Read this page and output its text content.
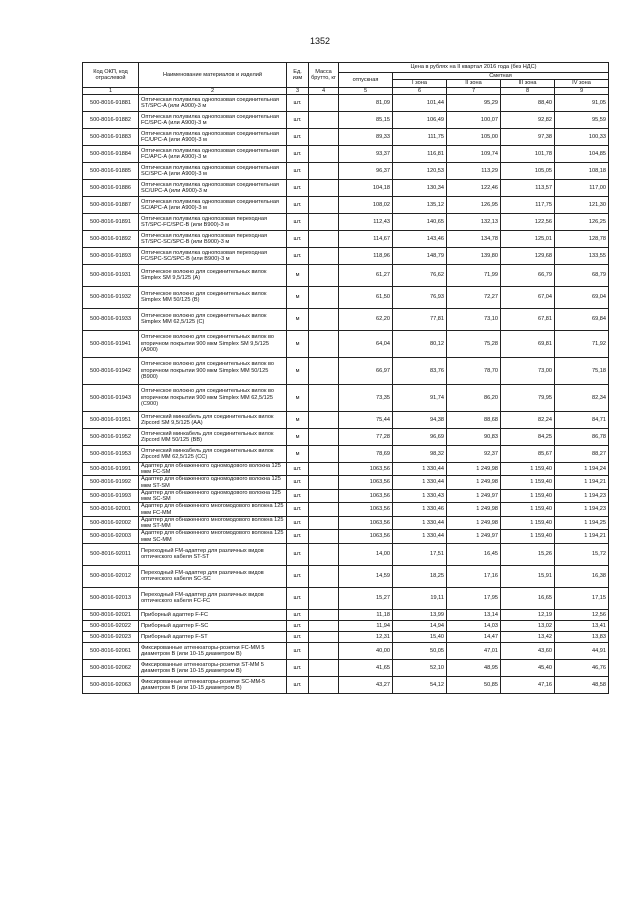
1352
Код ОКП, код отраслевой	Наименование материалов и изделий	Ед. изм	Масса брутто, кг	Цена в рублях на II квартал 2016 года (без НДС)				
				отпускная	Сметная			
					I зона	II зона	III зона	IV зона
1	2	3	4	5	6	7	8	9
500-8016-91881	Оптическая полувилка однопозовая соединительная ST/SPC-A (или A900)-3 м	шт.		81,09	101,44	95,29	88,40	91,05
500-8016-91882	Оптическая полувилка однопозовая соединительная FC/SPC-A (или A900)-3 м	шт.		85,15	106,49	100,07	92,82	95,59
500-8016-91883	Оптическая полувилка однопозовая соединительная FC/UPC-A (или A900)-3 м	шт.		89,33	111,75	105,00	97,38	100,33
500-8016-91884	Оптическая полувилка однопозовая соединительная FC/APC-A (или A900)-3 м	шт.		93,37	116,81	109,74	101,78	104,85
500-8016-91885	Оптическая полувилка однопозовая соединительная SC/SPC-A (или A900)-3 м	шт.		96,37	120,53	113,29	105,05	108,18
500-8016-91886	Оптическая полувилка однопозовая соединительная SC/UPC-A (или A900)-3 м	шт.		104,18	130,34	122,46	113,57	117,00
500-8016-91887	Оптическая полувилка однопозовая соединительная SC/APC-A (или A900)-3 м	шт.		108,02	135,12	126,95	117,75	121,30
500-8016-91891	Оптическая полувилка однопозовая переходная ST/SPC-FC/SPC-B (или B900)-3 м	шт.		112,43	140,65	132,13	122,56	126,25
500-8016-91892	Оптическая полувилка однопозовая переходная ST/SPC-SC/SPC-B (или B900)-3 м	шт.		114,67	143,46	134,78	125,01	128,78
500-8016-91893	Оптическая полувилка однопозовая переходная FC/SPC-SC/SPC-B (или B900)-3 м	шт.		118,96	148,79	139,80	129,68	133,55
500-8016-91931	Оптическое волокно для соединительных вилок Simplex SM 9,5/125 (A)	м		61,27	76,62	71,99	66,79	68,79
500-8016-91932	Оптическое волокно для соединительных вилок Simplex MM 50/125 (B)	м		61,50	76,93	72,27	67,04	69,04
500-8016-91933	Оптическое волокно для соединительных вилок Simplex MM 62,5/125 (C)	м		62,20	77,81	73,10	67,81	69,84
500-8016-91941	Оптическое волокно для соединительных вилок во вторичном покрытии 900 мкм Simplex SM 9,5/125 (A900)	м		64,04	80,12	75,28	69,81	71,92
500-8016-91942	Оптическое волокно для соединительных вилок во вторичном покрытии 900 мкм Simplex MM 50/125 (B900)	м		66,97	83,76	78,70	73,00	75,18
500-8016-91943	Оптическое волокно для соединительных вилок во вторичном покрытии 900 мкм Simplex MM 62,5/125 (C900)	м		73,35	91,74	86,20	79,95	82,34
500-8016-91951	Оптический минкабель для соединительных вилок Zipcord SM 9,5/125 (AA)	м		75,44	94,38	88,68	82,24	84,71
500-8016-91952	Оптический минкабель для соединительных вилок Zipcord MM 50/125 (BB)	м		77,28	96,69	90,83	84,25	86,78
500-8016-91953	Оптический минкабель для соединительных вилок Zipcord MM 62,5/125 (CC)	м		78,69	98,32	92,37	85,67	88,27
500-8016-91991	Адаптер для обнаженного одномодового волокна 125 мкм FC-SM	шт.		1063,56	1 330,44	1 249,98	1 159,40	1 194,24
500-8016-91992	Адаптер для обнаженного одномодового волокна 125 мкм ST-SM	шт.		1063,56	1 330,44	1 249,98	1 159,40	1 194,21
500-8016-91993	Адаптер для обнаженного одномодового волокна 125 мкм SC-SM	шт.		1063,56	1 330,43	1 249,97	1 159,40	1 194,23
500-8016-92001	Адаптер для обнаженного многомодового волокна 125 мкм FC-MM	шт.		1063,56	1 330,46	1 249,98	1 159,40	1 194,23
500-8016-92002	Адаптер для обнаженного многомодового волокна 125 мкм ST-MM	шт.		1063,56	1 330,44	1 249,98	1 159,40	1 194,25
500-8016-92003	Адаптер для обнаженного многомодового волокна 125 мкм SC-MM	шт.		1063,56	1 330,44	1 249,97	1 159,40	1 194,21
500-8016-92011	Переходный FM-адаптер для различных видов оптического кабеля ST-ST	шт.		14,00	17,51	16,45	15,26	15,72
500-8016-92012	Переходный FM-адаптер для различных видов оптического кабеля SC-SC	шт.		14,59	18,25	17,16	15,91	16,38
500-8016-92013	Переходный FM-адаптер для различных видов оптического кабеля FC-FC	шт.		15,27	19,11	17,95	16,65	17,15
500-8016-92021	Приборный адаптер F-FC	шт.		11,18	13,99	13,14	12,19	12,56
500-8016-92022	Приборный адаптер F-SC	шт.		11,94	14,94	14,03	13,02	13,41
500-8016-92023	Приборный адаптер F-ST	шт.		12,31	15,40	14,47	13,42	13,83
500-8016-92061	Фиксированные аттенюаторы-розетки FC-MM 5 диаметром В (или 10-15 диаметром В)	шт.		40,00	50,05	47,01	43,60	44,91
500-8016-92062	Фиксированные аттенюаторы-розетки ST-MM 5 диаметром В (или 10-15 диаметром В)	шт.		41,65	52,10	48,95	45,40	46,76
500-8016-92063	Фиксированные аттенюаторы-розетки SC-MM-5 диаметром В (или 10-15 диаметром В)	шт.		43,27	54,12	50,85	47,16	48,58
